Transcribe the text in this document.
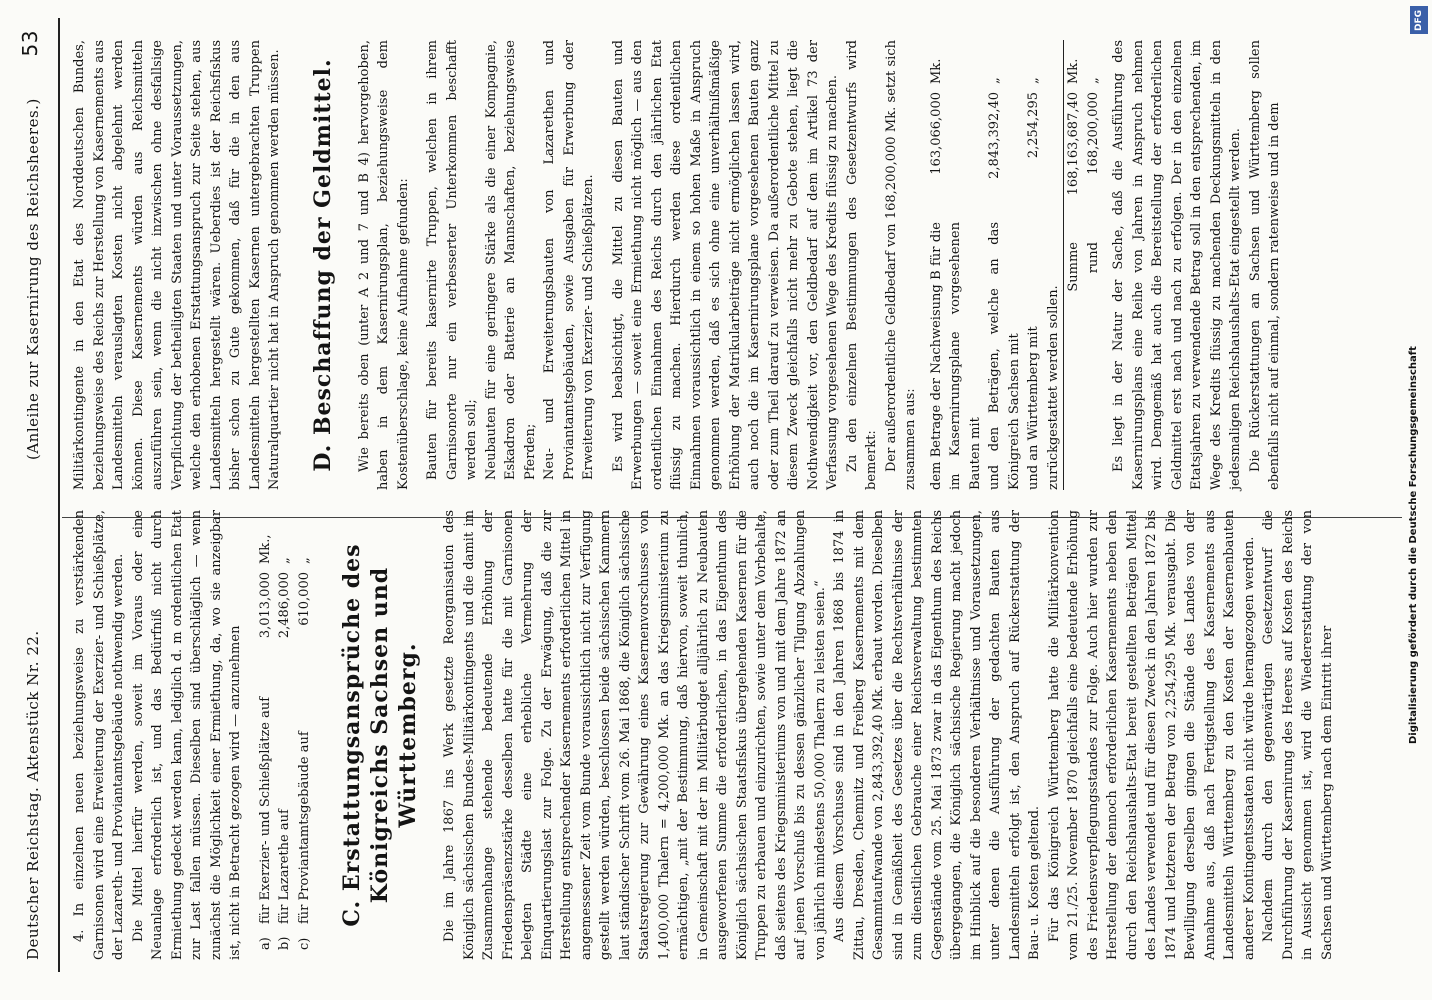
Deutscher Reichstag. Aktenstück Nr. 22.
(Anleihe zur Kasernirung des Reichsheeres.)
53

4. In einzelnen neuen beziehungsweise zu verstärkenden Garnisonen wird eine Erweiterung der Exerzier- und Schießplätze, der Lazareth- und Proviantamtsgebäude nothwendig werden. Die Mittel hierfür werden, soweit im Voraus oder eine Neuanlage erforderlich ist, und das Bedürfniß nicht durch Ermiethung gedeckt werden kann, lediglich d. m ordentlichen Etat zur Last fallen müssen. Dieselben sind überschläglich — wenn zunächst die Möglichkeit einer Ermiethung, da, wo sie anzeigbar ist, nicht in Betracht gezogen wird — anzunehmen a)
für Exerzier- und Schießplätze auf
3,013,000
Mk.,
b)
für Lazarethe auf
2,486,000
„
c)
für Proviantamtsgebäude auf
610,000
„ C. Erstattungsansprüche des Königreichs Sachsen und Württemberg. Die im Jahre 1867 ins Werk gesetzte Reorganisation des Königlich sächsischen Bundes-Militärkontingents und die damit im Zusammenhange stehende bedeutende Erhöhung der Friedenspräsenzstärke desselben hatte für die mit Garnisonen belegten Städte eine erhebliche Vermehrung der Einquartierungslast zur Folge. Zu der Erwägung, daß die zur Herstellung entsprechender Kasernements erforderlichen Mittel in angemessener Zeit vom Bunde voraussichtlich nicht zur Verfügung gestellt werden würden, beschlossen beide sächsischen Kammern laut ständischer Schrift vom 26. Mai 1868, die Königlich sächsische Staatsregierung zur Gewährung eines Kasernenvorschusses von 1,400,000 Thalern = 4,200,000 Mk. an das Kriegsministerium zu ermächtigen, „mit der Bestimmung, daß hiervon, soweit thunlich, in Gemeinschaft mit der im Militärbudget alljährlich zu Neubauten ausgeworfenen Summe die erforderlichen, in das Eigenthum des Königlich sächsischen Staatsfiskus übergehenden Kasernen für die Truppen zu erbauen und einzurichten, sowie unter dem Vorbehalte, daß seitens des Kriegsministeriums von und mit dem Jahre 1872 an auf jenen Vorschuß bis zu dessen gänzlicher Tilgung Abzahlungen von jährlich mindestens 50,000 Thalern zu leisten seien.“ Aus diesem Vorschusse sind in den Jahren 1868 bis 1874 in Zittau, Dresden, Chemnitz und Freiberg Kasernements mit dem Gesammtaufwande von 2,843,392,40 Mk. erbaut worden. Dieselben sind in Gemäßheit des Gesetzes über die Rechtsverhältnisse der zum dienstlichen Gebrauche einer Reichsverwaltung bestimmten Gegenstände vom 25. Mai 1873 zwar in das Eigenthum des Reichs übergegangen, die Königlich sächsische Regierung macht jedoch im Hinblick auf die besonderen Verhältnisse und Vorausetzungen, unter denen die Ausführung der gedachten Bauten aus Landesmitteln erfolgt ist, den Anspruch auf Rückerstattung der Bau- u. Kosten geltend. Für das Königreich Württemberg hatte die Militärkonvention vom 21./25. November 1870 gleichfalls eine bedeutende Erhöhung des Friedensverpflegungsstandes zur Folge. Auch hier wurden zur Herstellung der dennoch erforderlichen Kasernements neben den durch den Reichshaushalts-Etat bereit gestellten Beträgen Mittel des Landes verwendet und für diesen Zweck in den Jahren 1872 bis 1874 und letzteren der Betrag von 2,254,295 Mk. verausgabt. Die Bewilligung derselben gingen die Stände des Landes von der Annahme aus, daß nach Fertigstellung des Kasernements aus Landesmitteln Württemberg zu den Kosten der Kasernenbauten anderer Kontingentsstaaten nicht würde herangezogen werden. Nachdem durch den gegenwärtigen Gesetzentwurf die Durchführung der Kasernirung des Heeres auf Kosten des Reichs in Aussicht genommen ist, wird die Wiedererstattung der von Sachsen und Württemberg nach dem Eintritt ihrer

Militärkontingente in den Etat des Norddeutschen Bundes, beziehungsweise des Reichs zur Herstellung von Kasernements aus Landesmitteln verauslagten Kosten nicht abgelehnt werden können. Diese Kasernements würden aus Reichsmitteln auszuführen sein, wenn die nicht inzwischen ohne desfallsige Verpflichtung der betheiligten Staaten und unter Voraussetzungen, welche den erhobenen Erstattungsanspruch zur Seite stehen, aus Landesmitteln hergestellt wären. Ueberdies ist der Reichsfiskus bisher schon zu Gute gekommen, daß für die in den aus Landesmitteln hergestellten Kasernen untergebrachten Truppen Naturalquartier nicht hat in Anspruch genommen werden müssen. D. Beschaffung der Geldmittel. Wie bereits oben (unter A 2 und 7 und B 4) hervorgehoben, haben in dem Kasernirungsplan, beziehungsweise dem Kostenüberschlage, keine Aufnahme gefunden: Bauten für bereits kasernirte Truppen, welchen in ihrem Garnisonorte nur ein verbesserter Unterkommen beschafft werden soll; Neubauten für eine geringere Stärke als die einer Kompagnie, Eskadron oder Batterie an Mannschaften, beziehungsweise Pferden; Neu- und Erweiterungsbauten von Lazarethen und Proviantamtsgebäuden, sowie Ausgaben für Erwerbung oder Erweiterung von Exerzier- und Schießplätzen. Es wird beabsichtigt, die Mittel zu diesen Bauten und Erwerbungen — soweit eine Ermiethung nicht möglich — aus den ordentlichen Einnahmen des Reichs durch den jährlichen Etat flüssig zu machen. Hierdurch werden diese ordentlichen Einnahmen voraussichtlich in einem so hohen Maße in Anspruch genommen werden, daß es sich ohne eine unverhältnißmäßige Erhöhung der Matrikularbeiträge nicht ermöglichen lassen wird, auch noch die im Kasernirungsplane vorgesehenen Bauten ganz oder zum Theil darauf zu verweisen. Da außerordentliche Mittel zu diesem Zweck gleichfalls nicht mehr zu Gebote stehen, liegt die Nothwendigkeit vor, den Geldbedarf auf dem im Artikel 73 der Verfassung vorgesehenen Wege des Kredits flüssig zu machen. Zu den einzelnen Bestimmungen des Gesetzentwurfs wird bemerkt: Der außerordentliche Geldbedarf von 168,200,000 Mk. setzt sich zusammen aus: dem Betrage der Nachweisung B für die im Kasernirungsplane vorgesehenen Bauten mit
163,066,000
Mk.
und den Beträgen, welche an das Königreich Sachsen mit
2,843,392,40
„
und an Württemberg mit
2,254,295
„
zurückgestattet werden sollen.
Summe
168,163,687,40
Mk.
rund
168,200,000
„ Es liegt in der Natur der Sache, daß die Ausführung des Kasernirungsplans eine Reihe von Jahren in Anspruch nehmen wird. Demgemäß hat auch die Bereitstellung der erforderlichen Geldmittel erst nach und nach zu erfolgen. Der in den einzelnen Etatsjahren zu verwendende Betrag soll in den entsprechenden, im Wege des Kredits flüssig zu machenden Deckungsmitteln in den jedesmaligen Reichshaushalts-Etat eingestellt werden. Die Rückerstattungen an Sachsen und Württemberg sollen ebenfalls nicht auf einmal, sondern ratenweise und in dem

DFG
Digitalisierung gefördert durch die Deutsche Forschungsgemeinschaft
